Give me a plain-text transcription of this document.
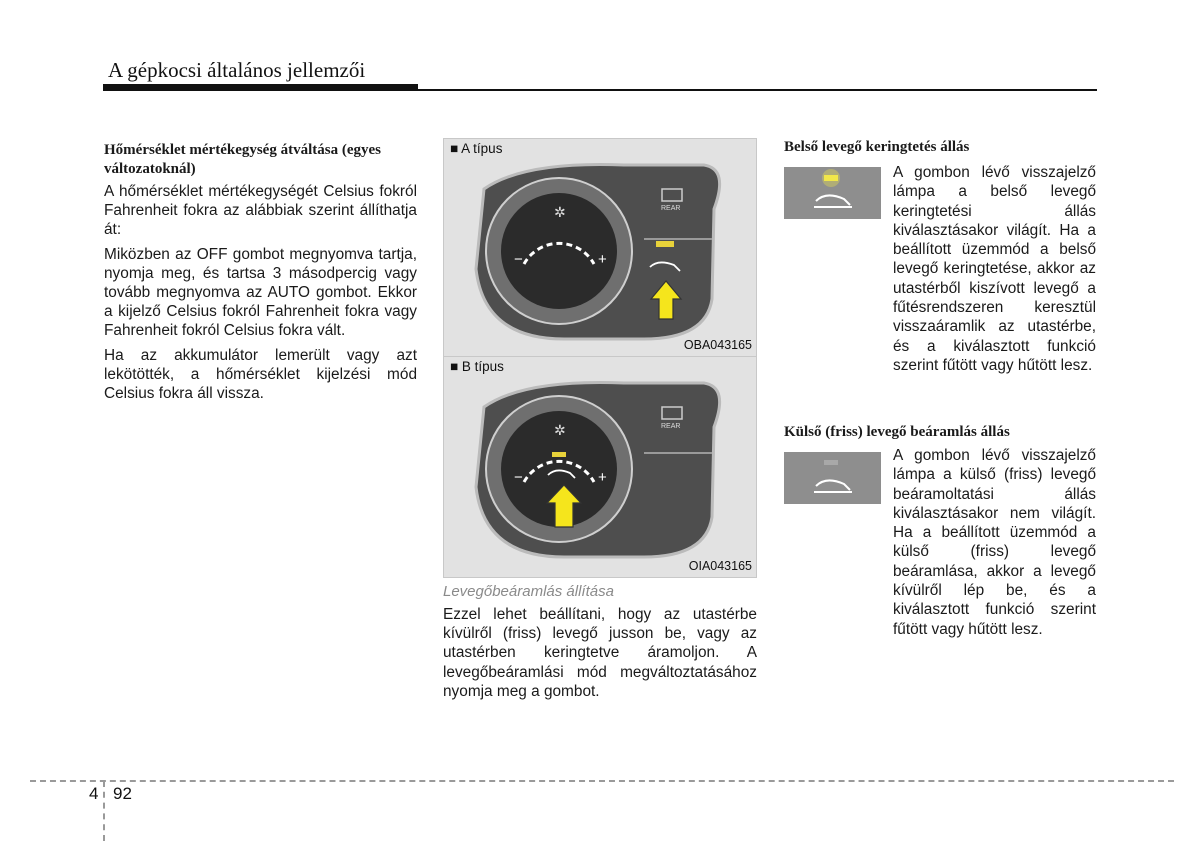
A gépkocsi általános jellemzői
Hőmérséklet mértékegység átváltása (egyes változatoknál)

A hőmérséklet mértékegységét Celsius fokról Fahrenheit fokra az alábbiak szerint állíthatja át:

Miközben az OFF gombot megnyomva tartja, nyomja meg, és tartsa 3 másodpercig vagy tovább megnyomva az AUTO gombot. Ekkor a kijelző Celsius fokról Fahrenheit fokra vagy Fahrenheit fokról Celsius fokra vált.

Ha az akkumulátor lemerült vagy azt lekötötték, a hőmérséklet kijelzési mód Celsius fokra áll vissza.

✲
■ A típus
−	+
REAR
OBA043165
✲
■ B típus
−	+
REAR
OIA043165
Levegőbeáramlás állítása

Ezzel lehet beállítani, hogy az utastérbe kívülről (friss) levegő jusson be, vagy az utastérben keringtetve áramoljon. A levegőbeáramlási mód megváltoztatásához nyomja meg a gombot.

Belső levegő keringtetés állás

A gombon lévő visszajelző lámpa a belső levegő keringtetési állás kiválasztásakor világít. Ha a beállított üzemmód a belső levegő keringtetése, akkor az utastérből kiszívott levegő a fűtésrendszeren keresztül visszaáramlik az utastérbe, és a kiválasztott funkció szerint fűtött vagy hűtött lesz.

Külső (friss) levegő beáramlás állás

A gombon lévő visszajelző lámpa a külső (friss) levegő beáramoltatási állás kiválasztásakor nem világít. Ha a beállított üzemmód a külső (friss) levegő beáramlása, akkor a levegő kívülről lép be, és a kiválasztott funkció szerint fűtött vagy hűtött lesz.

4 92
